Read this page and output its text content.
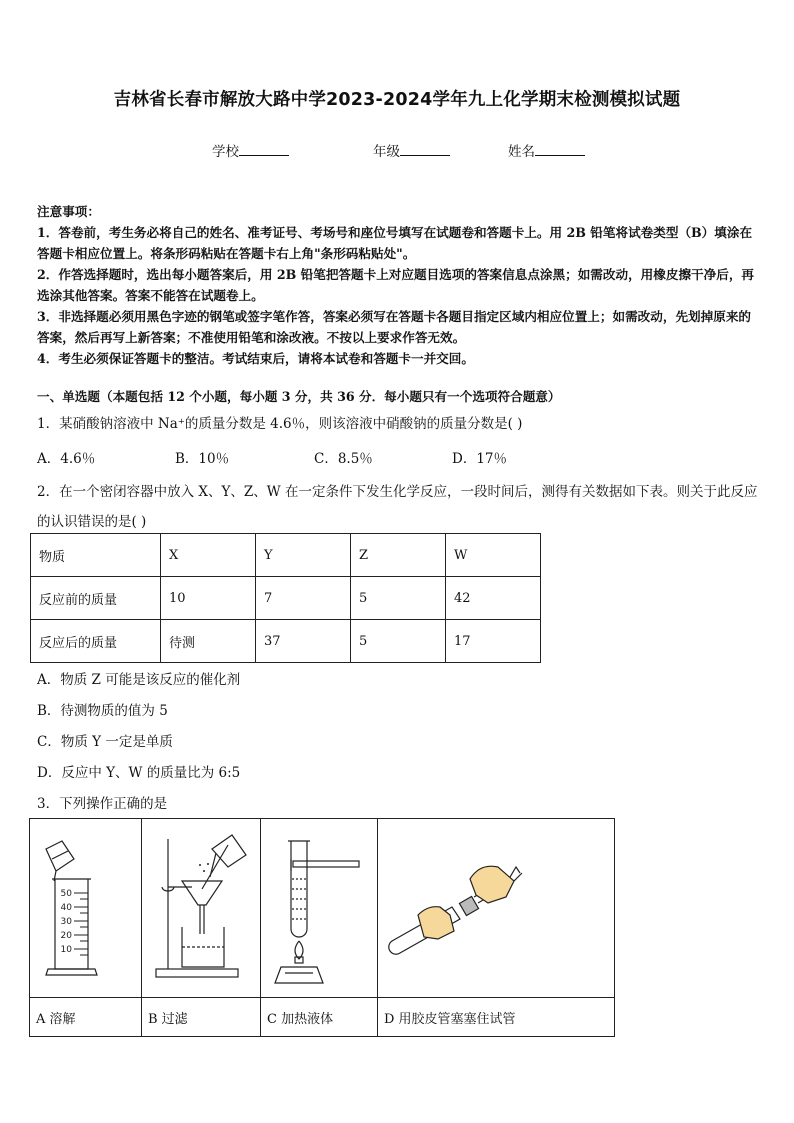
吉林省长春市解放大路中学2023-2024学年九上化学期末检测模拟试题
学校	年级	姓名
注意事项：
1．答卷前，考生务必将自己的姓名、准考证号、考场号和座位号填写在试题卷和答题卡上。用 2B 铅笔将试卷类型（B）填涂在答题卡相应位置上。将条形码粘贴在答题卡右上角"条形码粘贴处"。
2．作答选择题时，选出每小题答案后，用 2B 铅笔把答题卡上对应题目选项的答案信息点涂黑；如需改动，用橡皮擦干净后，再选涂其他答案。答案不能答在试题卷上。
3．非选择题必须用黑色字迹的钢笔或签字笔作答，答案必须写在答题卡各题目指定区域内相应位置上；如需改动，先划掉原来的答案，然后再写上新答案；不准使用铅笔和涂改液。不按以上要求作答无效。
4．考生必须保证答题卡的整洁。考试结束后，请将本试卷和答题卡一并交回。
一、单选题（本题包括 12 个小题，每小题 3 分，共 36 分．每小题只有一个选项符合题意）
1．某硝酸钠溶液中 Na⁺的质量分数是 4.6％，则该溶液中硝酸钠的质量分数是( )
A．4.6％	B．10％	C．8.5％	D．17％
2．在一个密闭容器中放入 X、Y、Z、W 在一定条件下发生化学反应，一段时间后，测得有关数据如下表。则关于此反应的认识错误的是( )
物质	X	Y	Z	W
反应前的质量	10	7	5	42
反应后的质量	待测	37	5	17
A．物质 Z 可能是该反应的催化剂
B．待测物质的值为 5
C．物质 Y 一定是单质
D．反应中 Y、W 的质量比为 6:5
3．下列操作正确的是
50
40
30
20
10

A 溶解	B 过滤	C 加热液体	D 用胶皮管塞塞住试管
